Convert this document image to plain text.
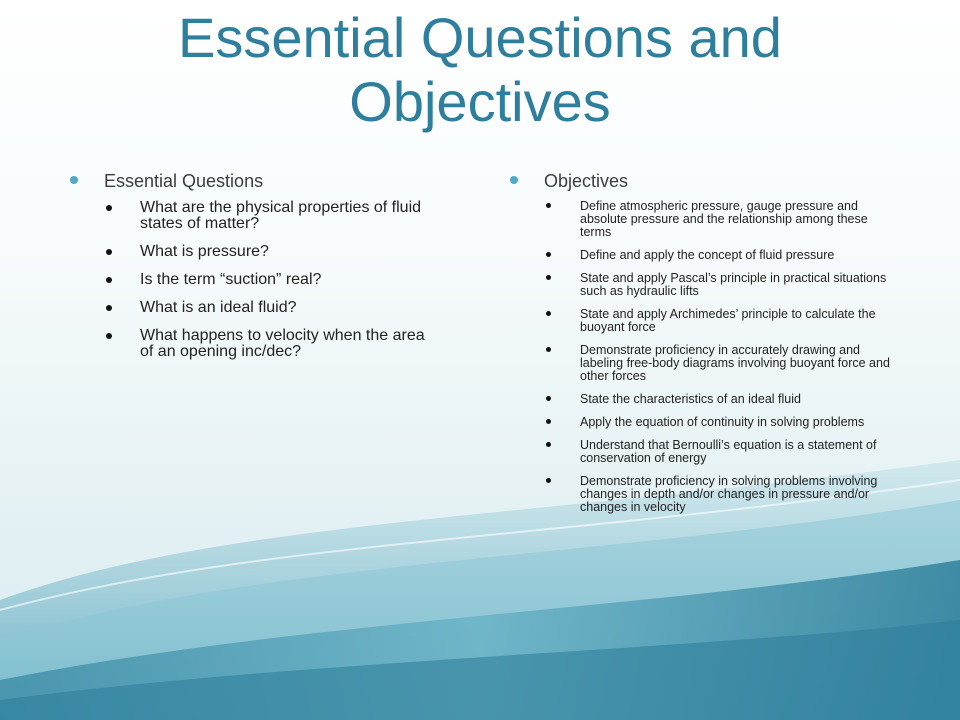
Essential Questions and Objectives
Essential Questions
What are the physical properties of fluid states of matter?
What is pressure?
Is the term “suction” real?
What is an ideal fluid?
What happens to velocity when the area of an opening inc/dec?
Objectives
Define atmospheric pressure, gauge pressure and absolute pressure and the relationship among these terms
Define and apply the concept of fluid pressure
State and apply Pascal’s principle in practical situations such as hydraulic lifts
State and apply Archimedes’ principle to calculate the buoyant force
Demonstrate proficiency in accurately drawing and labeling free-body diagrams involving buoyant force and other forces
State the characteristics of an ideal fluid
Apply the equation of continuity in solving problems
Understand that Bernoulli’s equation is a statement of conservation of energy
Demonstrate proficiency in solving problems involving changes in depth and/or changes in pressure and/or changes in velocity
